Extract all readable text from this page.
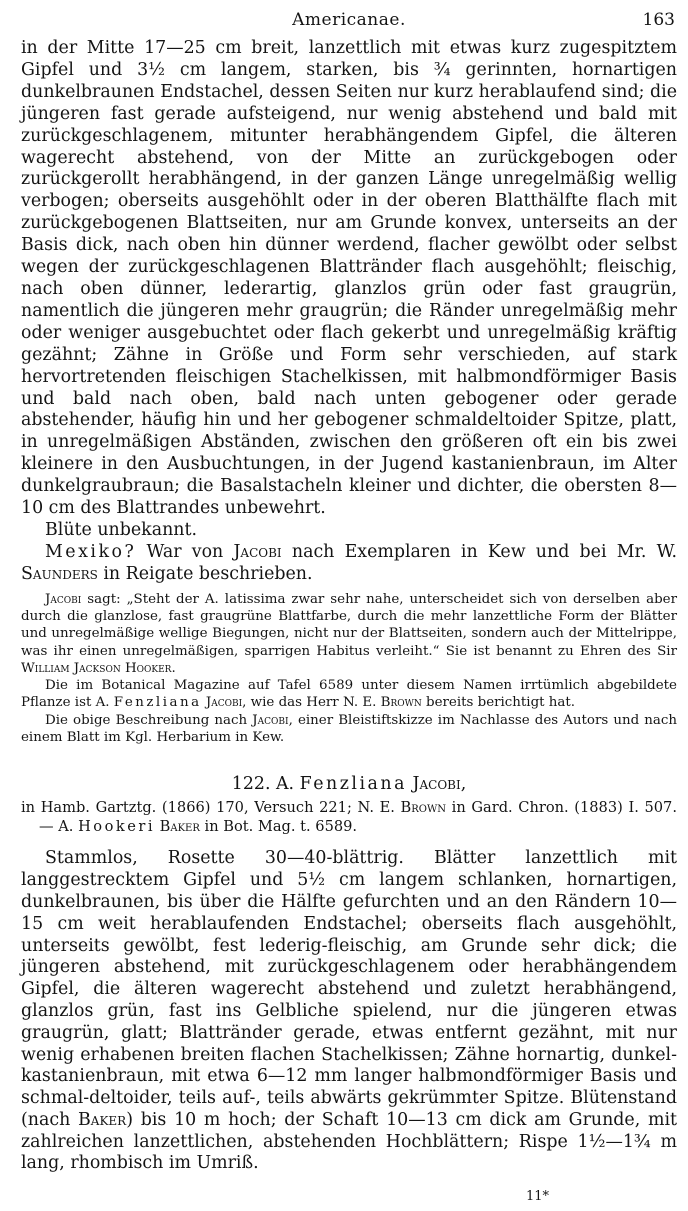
Americanae.	163

in der Mitte 17—25 cm breit, lanzettlich mit etwas kurz zugespitztem Gipfel und 3½ cm langem, starken, bis ¾ gerinnten, hornartigen dunkelbraunen Endstachel, dessen Seiten nur kurz herablaufend sind; die jüngeren fast gerade aufsteigend, nur wenig abstehend und bald mit zurückgeschlagenem, mitunter herabhängendem Gipfel, die älteren wagerecht abstehend, von der Mitte an zurückgebogen oder zurückgerollt herabhängend, in der ganzen Länge unregelmäßig wellig verbogen; oberseits ausgehöhlt oder in der oberen Blatthälfte flach mit zurückgebogenen Blattseiten, nur am Grunde konvex, unterseits an der Basis dick, nach oben hin dünner werdend, flacher gewölbt oder selbst wegen der zurückgeschlagenen Blattränder flach ausgehöhlt; fleischig, nach oben dünner, lederartig, glanzlos grün oder fast graugrün, namentlich die jüngeren mehr graugrün; die Ränder unregelmäßig mehr oder weniger ausgebuchtet oder flach gekerbt und unregelmäßig kräftig gezähnt; Zähne in Größe und Form sehr verschieden, auf stark hervortretenden fleischigen Stachelkissen, mit halbmondförmiger Basis und bald nach oben, bald nach unten gebogener oder gerade abstehender, häufig hin und her gebogener schmaldeltoider Spitze, platt, in unregelmäßigen Abständen, zwischen den größeren oft ein bis zwei kleinere in den Ausbuchtungen, in der Jugend kastanienbraun, im Alter dunkelgraubraun; die Basalstacheln kleiner und dichter, die obersten 8—10 cm des Blattrandes unbewehrt.

Blüte unbekannt.

Mexiko? War von Jacobi nach Exemplaren in Kew und bei Mr. W. Saunders in Reigate beschrieben.

Jacobi sagt: „Steht der A. latissima zwar sehr nahe, unterscheidet sich von derselben aber durch die glanzlose, fast graugrüne Blattfarbe, durch die mehr lanzettliche Form der Blätter und unregelmäßige wellige Biegungen, nicht nur der Blattseiten, sondern auch der Mittelrippe, was ihr einen unregelmäßigen, sparrigen Habitus verleiht.“ Sie ist benannt zu Ehren des Sir William Jackson Hooker.

Die im Botanical Magazine auf Tafel 6589 unter diesem Namen irrtümlich abgebildete Pflanze ist A. Fenzliana Jacobi, wie das Herr N. E. Brown bereits berichtigt hat.

Die obige Beschreibung nach Jacobi, einer Bleistiftskizze im Nachlasse des Autors und nach einem Blatt im Kgl. Herbarium in Kew.

122. A. Fenzliana Jacobi,

in Hamb. Gartztg. (1866) 170, Versuch 221; N. E. Brown in Gard. Chron. (1883) I. 507. — A. Hookeri Baker in Bot. Mag. t. 6589.

Stammlos, Rosette 30—40-blättrig. Blätter lanzettlich mit langgestrecktem Gipfel und 5½ cm langem schlanken, hornartigen, dunkelbraunen, bis über die Hälfte gefurchten und an den Rändern 10—15 cm weit herablaufenden Endstachel; oberseits flach ausgehöhlt, unterseits gewölbt, fest lederig-fleischig, am Grunde sehr dick; die jüngeren abstehend, mit zurückgeschlagenem oder herabhängendem Gipfel, die älteren wagerecht abstehend und zuletzt herabhängend, glanzlos grün, fast ins Gelbliche spielend, nur die jüngeren etwas graugrün, glatt; Blattränder gerade, etwas entfernt gezähnt, mit nur wenig erhabenen breiten flachen Stachelkissen; Zähne hornartig, dunkel-kastanienbraun, mit etwa 6—12 mm langer halbmondförmiger Basis und schmal-deltoider, teils auf-, teils abwärts gekrümmter Spitze. Blütenstand (nach Baker) bis 10 m hoch; der Schaft 10—13 cm dick am Grunde, mit zahlreichen lanzettlichen, abstehenden Hochblättern; Rispe 1½—1¾ m lang, rhombisch im Umriß.

11*
